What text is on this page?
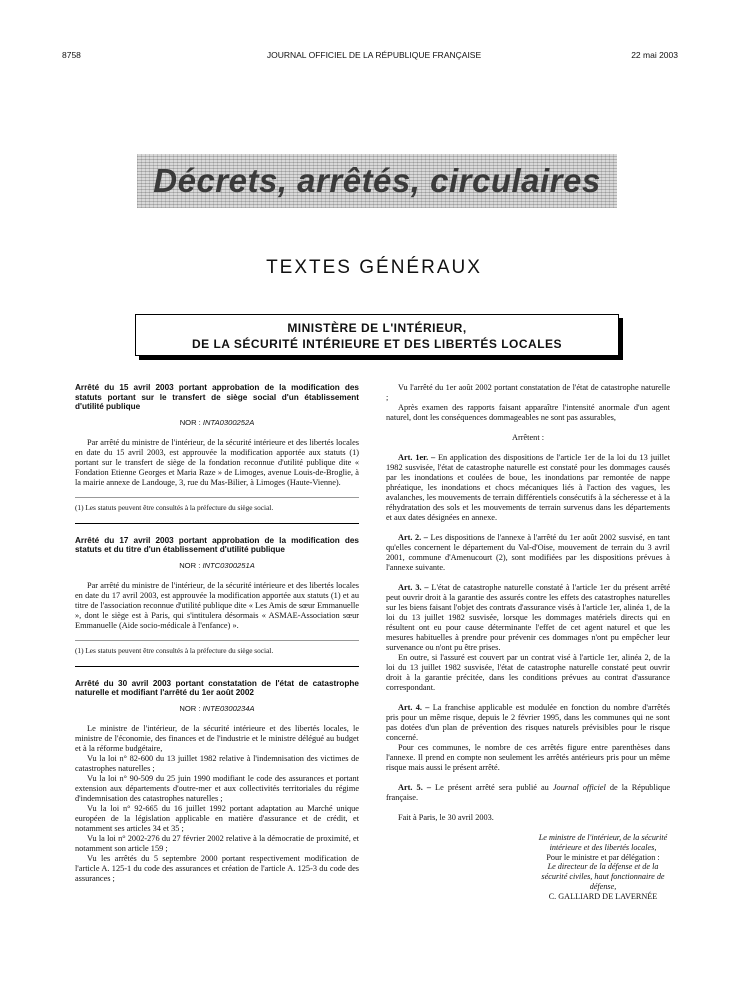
8758	JOURNAL OFFICIEL DE LA RÉPUBLIQUE FRANÇAISE	22 mai 2003
Décrets, arrêtés, circulaires
TEXTES GÉNÉRAUX
MINISTÈRE DE L'INTÉRIEUR,
DE LA SÉCURITÉ INTÉRIEURE ET DES LIBERTÉS LOCALES
Arrêté du 15 avril 2003 portant approbation de la modification des statuts portant sur le transfert de siège social d'un établissement d'utilité publique
NOR : INTA0300252A

Par arrêté du ministre de l'intérieur, de la sécurité intérieure et des libertés locales en date du 15 avril 2003, est approuvée la modification apportée aux statuts (1) portant sur le transfert de siège de la fondation reconnue d'utilité publique dite « Fondation Etienne Georges et Maria Raze » de Limoges, avenue Louis-de-Broglie, à la mairie annexe de Landouge, 3, rue du Mas-Bilier, à Limoges (Haute-Vienne).

(1) Les statuts peuvent être consultés à la préfecture du siège social.
Arrêté du 17 avril 2003 portant approbation de la modification des statuts et du titre d'un établissement d'utilité publique
NOR : INTC0300251A

Par arrêté du ministre de l'intérieur, de la sécurité intérieure et des libertés locales en date du 17 avril 2003, est approuvée la modification apportée aux statuts (1) et au titre de l'association reconnue d'utilité publique dite « Les Amis de sœur Emmanuelle », dont le siège est à Paris, qui s'intitulera désormais « ASMAE-Association sœur Emmanuelle (Aide socio-médicale à l'enfance) ».

(1) Les statuts peuvent être consultés à la préfecture du siège social.
Arrêté du 30 avril 2003 portant constatation de l'état de catastrophe naturelle et modifiant l'arrêté du 1er août 2002
NOR : INTE0300234A

Le ministre de l'intérieur, de la sécurité intérieure et des libertés locales, le ministre de l'économie, des finances et de l'industrie et le ministre délégué au budget et à la réforme budgétaire,

Vu la loi n° 82-600 du 13 juillet 1982 relative à l'indemnisation des victimes de catastrophes naturelles ;

Vu la loi n° 90-509 du 25 juin 1990 modifiant le code des assurances et portant extension aux départements d'outre-mer et aux collectivités territoriales du régime d'indemnisation des catastrophes naturelles ;

Vu la loi n° 92-665 du 16 juillet 1992 portant adaptation au Marché unique européen de la législation applicable en matière d'assurance et de crédit, et notamment ses articles 34 et 35 ;

Vu la loi n° 2002-276 du 27 février 2002 relative à la démocratie de proximité, et notamment son article 159 ;

Vu les arrêtés du 5 septembre 2000 portant respectivement modification de l'article A. 125-1 du code des assurances et création de l'article A. 125-3 du code des assurances ;

Vu l'arrêté du 1er août 2002 portant constatation de l'état de catastrophe naturelle ;

Après examen des rapports faisant apparaître l'intensité anormale d'un agent naturel, dont les conséquences dommageables ne sont pas assurables,

Arrêtent :

Art. 1er. – En application des dispositions de l'article 1er de la loi du 13 juillet 1982 susvisée, l'état de catastrophe naturelle est constaté pour les dommages causés par les inondations et coulées de boue, les inondations par remontée de nappe phréatique, les inondations et chocs mécaniques liés à l'action des vagues, les avalanches, les mouvements de terrain différentiels consécutifs à la sécheresse et à la réhydratation des sols et les mouvements de terrain survenus dans les départements et aux dates désignées en annexe.

Art. 2. – Les dispositions de l'annexe à l'arrêté du 1er août 2002 susvisé, en tant qu'elles concernent le département du Val-d'Oise, mouvement de terrain du 3 avril 2001, commune d'Amenucourt (2), sont modifiées par les dispositions prévues à l'annexe suivante.

Art. 3. – L'état de catastrophe naturelle constaté à l'article 1er du présent arrêté peut ouvrir droit à la garantie des assurés contre les effets des catastrophes naturelles sur les biens faisant l'objet des contrats d'assurance visés à l'article 1er, alinéa 1, de la loi du 13 juillet 1982 susvisée, lorsque les dommages matériels directs qui en résultent ont eu pour cause déterminante l'effet de cet agent naturel et que les mesures habituelles à prendre pour prévenir ces dommages n'ont pu empêcher leur survenance ou n'ont pu être prises.

En outre, si l'assuré est couvert par un contrat visé à l'article 1er, alinéa 2, de la loi du 13 juillet 1982 susvisée, l'état de catastrophe naturelle constaté peut ouvrir droit à la garantie précitée, dans les conditions prévues au contrat d'assurance correspondant.

Art. 4. – La franchise applicable est modulée en fonction du nombre d'arrêtés pris pour un même risque, depuis le 2 février 1995, dans les communes qui ne sont pas dotées d'un plan de prévention des risques naturels prévisibles pour le risque concerné.

Pour ces communes, le nombre de ces arrêtés figure entre parenthèses dans l'annexe. Il prend en compte non seulement les arrêtés antérieurs pris pour un même risque mais aussi le présent arrêté.

Art. 5. – Le présent arrêté sera publié au Journal officiel de la République française.

Fait à Paris, le 30 avril 2003.

Le ministre de l'intérieur, de la sécurité intérieure et des libertés locales,

Pour le ministre et par délégation :

Le directeur de la défense et de la sécurité civiles, haut fonctionnaire de défense,

C. GALLIARD DE LAVERNÉE
